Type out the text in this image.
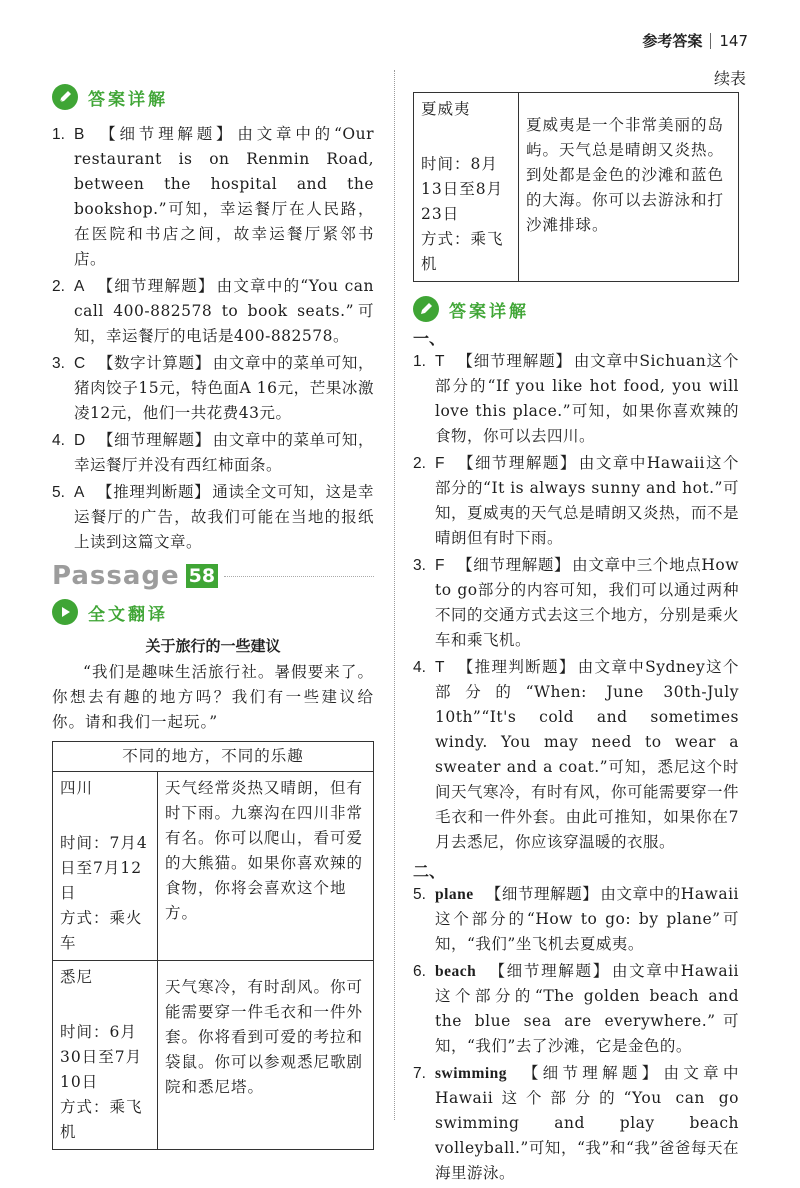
参考答案 147
续表
答案详解
1. B 【细节理解题】 由文章中的“Our restaurant is on Renmin Road, between the hospital and the bookshop.”可知，幸运餐厅在人民路，在医院和书店之间，故幸运餐厅紧邻书店。
2. A 【细节理解题】 由文章中的“You can call 400-882578 to book seats.”可知，幸运餐厅的电话是400-882578。
3. C 【数字计算题】 由文章中的菜单可知，猪肉饺子15元，特色面A 16元，芒果冰激凌12元，他们一共花费43元。
4. D 【细节理解题】 由文章中的菜单可知，幸运餐厅并没有西红柿面条。
5. A 【推理判断题】 通读全文可知，这是幸运餐厅的广告，故我们可能在当地的报纸上读到这篇文章。
Passage 58
全文翻译
关于旅行的一些建议

“我们是趣味生活旅行社。暑假要来了。你想去有趣的地方吗？我们有一些建议给你。请和我们一起玩。”

不同的地方，不同的乐趣	

四川
时间：7月4日至7月12日
方式：乘火车	天气经常炎热又晴朗，但有时下雨。九寨沟在四川非常有名。你可以爬山，看可爱的大熊猫。如果你喜欢辣的食物，你将会喜欢这个地方。

悉尼
时间：6月30日至7月10日
方式：乘飞机	天气寒冷，有时刮风。你可能需要穿一件毛衣和一件外套。你将看到可爱的考拉和袋鼠。你可以参观悉尼歌剧院和悉尼塔。
夏威夷
时间：8月13日至8月23日
方式：乘飞机	夏威夷是一个非常美丽的岛屿。天气总是晴朗又炎热。到处都是金色的沙滩和蓝色的大海。你可以去游泳和打沙滩排球。
答案详解
一、
1. T 【细节理解题】 由文章中Sichuan这个部分的“If you like hot food, you will love this place.”可知，如果你喜欢辣的食物，你可以去四川。
2. F 【细节理解题】 由文章中Hawaii这个部分的“It is always sunny and hot.”可知，夏威夷的天气总是晴朗又炎热，而不是晴朗但有时下雨。
3. F 【细节理解题】 由文章中三个地点How to go部分的内容可知，我们可以通过两种不同的交通方式去这三个地方，分别是乘火车和乘飞机。
4. T 【推理判断题】 由文章中Sydney这个部分的“When: June 30th-July 10th”“It's cold and sometimes windy. You may need to wear a sweater and a coat.”可知，悉尼这个时间天气寒冷，有时有风，你可能需要穿一件毛衣和一件外套。由此可推知，如果你在7月去悉尼，你应该穿温暖的衣服。
二、
5. plane 【细节理解题】 由文章中的Hawaii这个部分的“How to go: by plane”可知，“我们”坐飞机去夏威夷。
6. beach 【细节理解题】 由文章中Hawaii这个部分的“The golden beach and the blue sea are everywhere.”可知，“我们”去了沙滩，它是金色的。
7. swimming 【细节理解题】 由文章中Hawaii这个部分的“You can go swimming and play beach volleyball.”可知，“我”和“我”爸爸每天在海里游泳。
